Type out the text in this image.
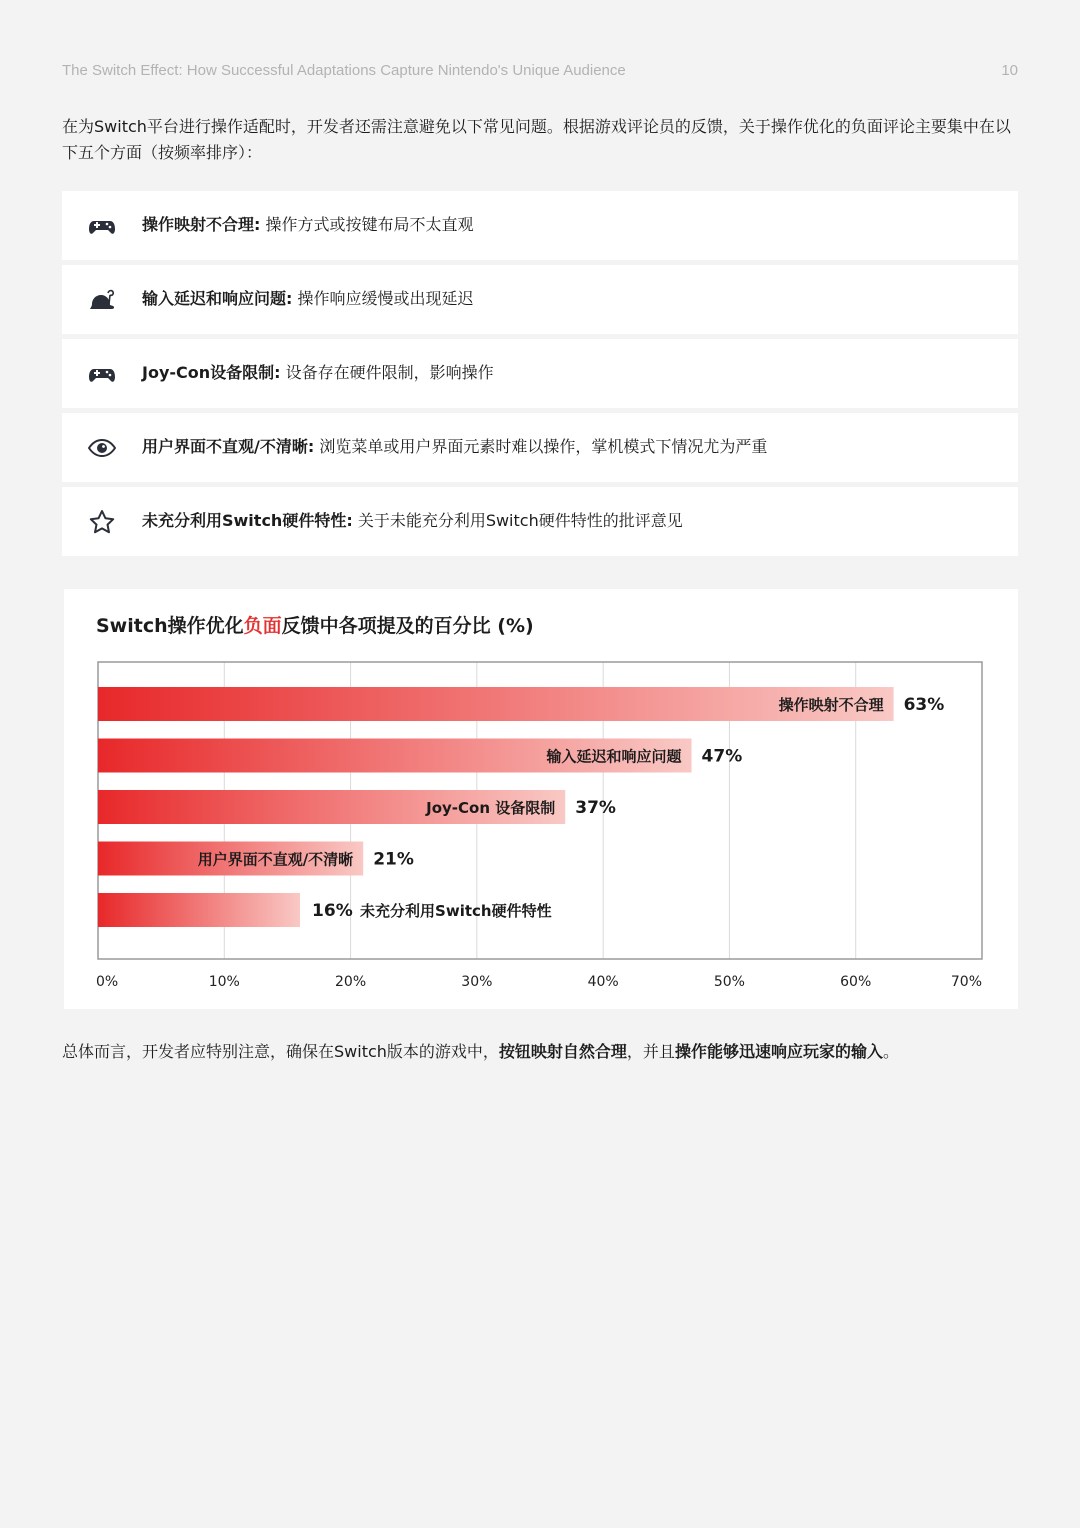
The Switch Effect: How Successful Adaptations Capture Nintendo's Unique Audience	10
在为Switch平台进行操作适配时，开发者还需注意避免以下常见问题。根据游戏评论员的反馈，关于操作优化的负面评论主要集中在以下五个方面（按频率排序）：
操作映射不合理: 操作方式或按键布局不太直观
输入延迟和响应问题: 操作响应缓慢或出现延迟
Joy-Con设备限制: 设备存在硬件限制，影响操作
用户界面不直观/不清晰: 浏览菜单或用户界面元素时难以操作，掌机模式下情况尤为严重
未充分利用Switch硬件特性: 关于未能充分利用Switch硬件特性的批评意见
0%	10%	20%	30%	40%	50%	60%	70%
63%
操作映射不合理
47%
输入延迟和响应问题
37%
Joy-Con 设备限制
21%
用户界面不直观/不清晰
16% 未充分利用Switch硬件特性
Switch操作优化负面反馈中各项提及的百分比 (%)
总体而言，开发者应特别注意，确保在Switch版本的游戏中，按钮映射自然合理，并且操作能够迅速响应玩家的输入。
